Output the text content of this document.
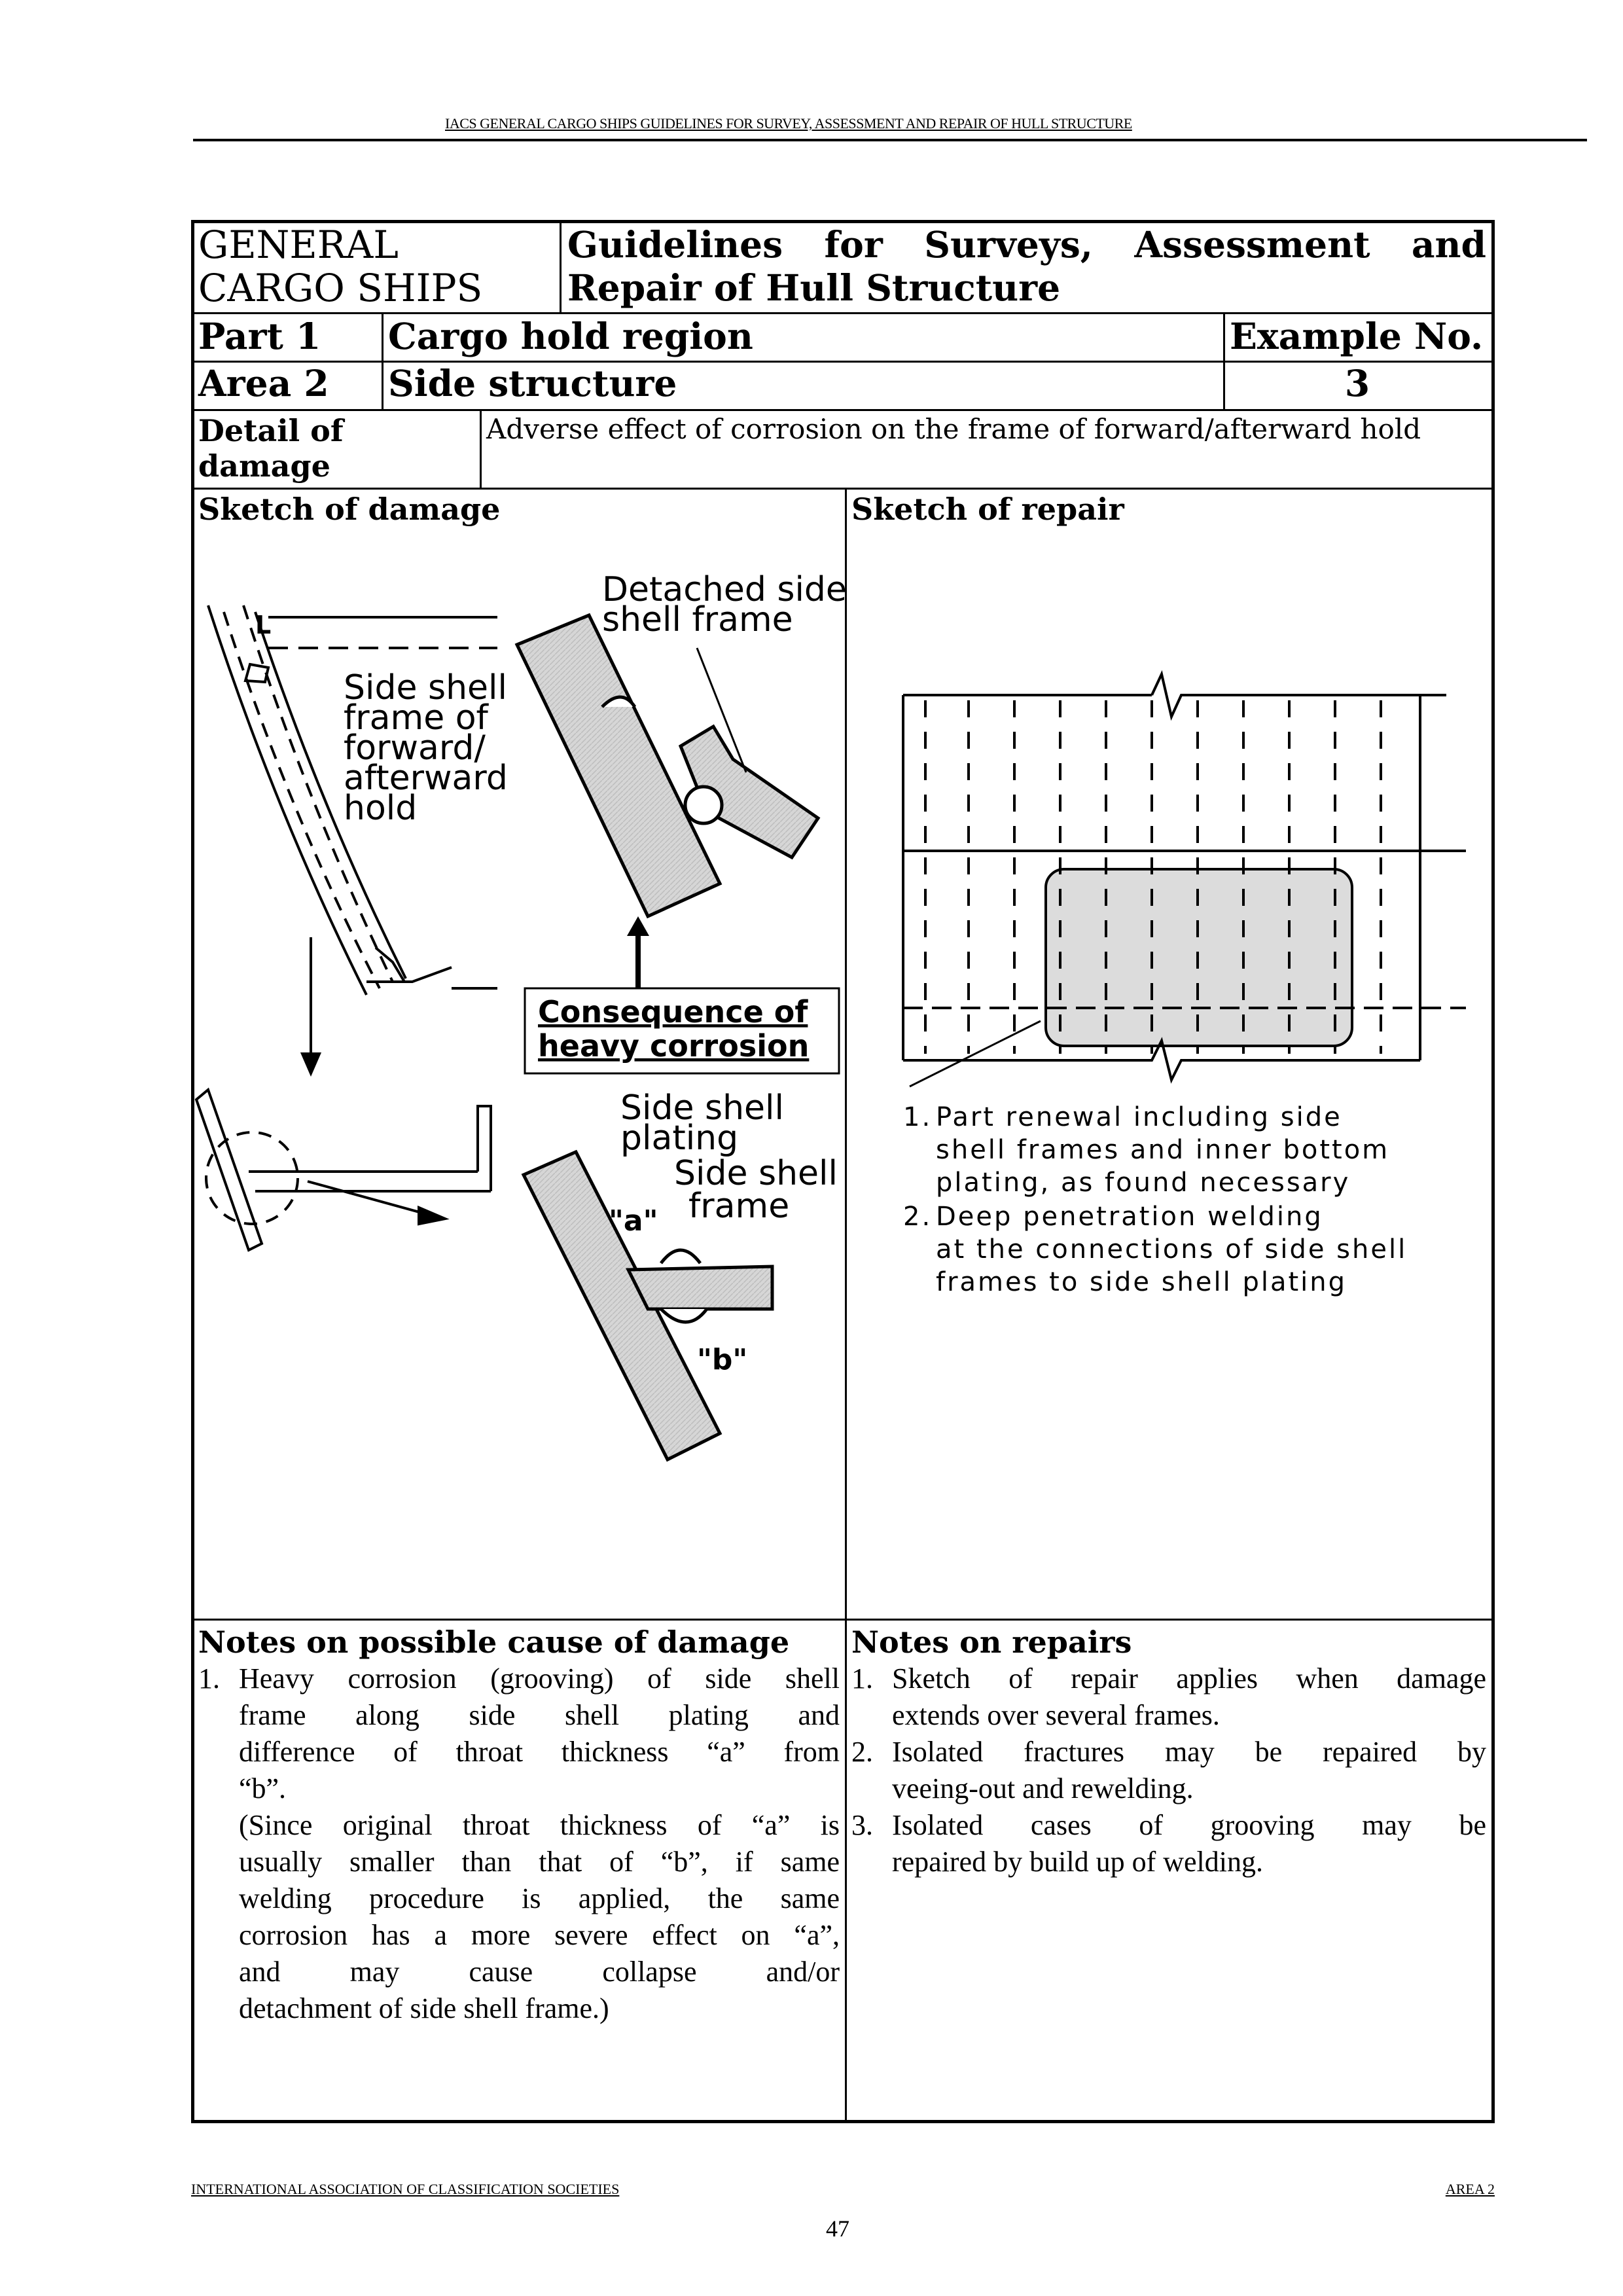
IACS GENERAL CARGO SHIPS GUIDELINES FOR SURVEY, ASSESSMENT AND REPAIR OF HULL STRUCTURE
GENERAL
CARGO SHIPS
Guidelines for Surveys, Assessment and
Repair of Hull Structure
Part 1	Cargo hold region	Example No.
Area 2	Side structure	3
Detail of
damage
Adverse effect of corrosion on the frame of forward/afterward hold
Sketch of damage	Sketch of repair
Notes on possible cause of damage
1. Heavy corrosion (grooving) of side shell
frame along side shell plating and
difference of throat thickness “a” from
“b”.
(Since original throat thickness of “a” is
usually smaller than that of “b”, if same
welding procedure is applied, the same
corrosion has a more severe effect on “a”,
and may cause collapse and/or
detachment of side shell frame.)
Notes on repairs
1. Sketch of repair applies when damage
extends over several frames.
2. Isolated fractures may be repaired by
veeing-out and rewelding.
3. Isolated cases of grooving may be
repaired by build up of welding.
L
Side shell
frame of
forward/
afterward
hold
Detached side
shell frame
Consequence of
heavy corrosion
Side shell
plating
Side shell
frame
"a"
"b"
1. Part renewal including side
shell frames and inner bottom
plating, as found necessary
2. Deep penetration welding
at the connections of side shell
frames to side shell plating
INTERNATIONAL ASSOCIATION OF CLASSIFICATION SOCIETIES	AREA 2
47
